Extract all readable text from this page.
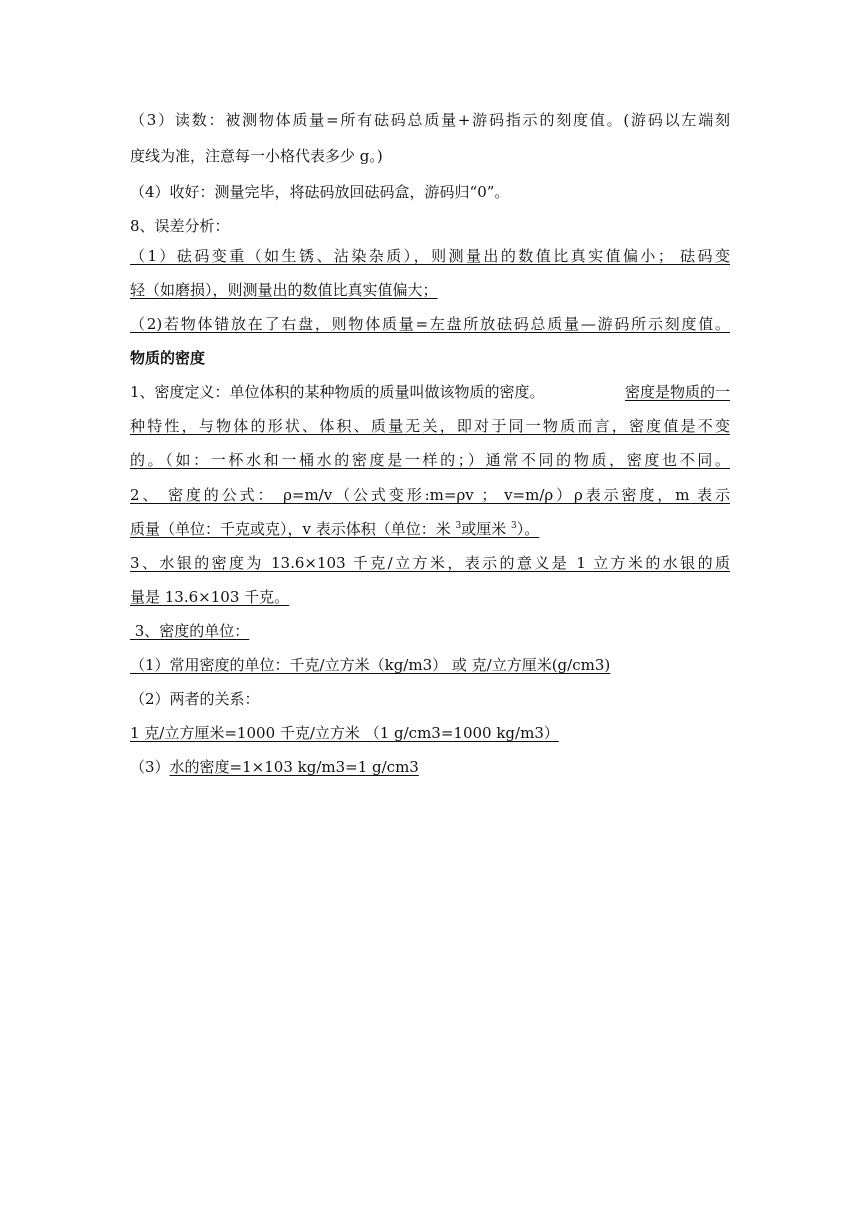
（3）读数：被测物体质量=所有砝码总质量+游码指示的刻度值。(游码以左端刻
度线为准，注意每一小格代表多少 g。)
（4）收好：测量完毕，将砝码放回砝码盒，游码归“0”。
8、误差分析：
（1）砝码变重（如生锈、沾染杂质），则测量出的数值比真实值偏小； 砝码变
轻（如磨损），则测量出的数值比真实值偏大；
（2)若物体错放在了右盘，则物体质量=左盘所放砝码总质量—游码所示刻度值。
物质的密度
1、密度定义：单位体积的某种物质的质量叫做该物质的密度。	密度是物质的一
种特性，与物体的形状、体积、质量无关，即对于同一物质而言，密度值是不变
的。（如：一杯水和一桶水的密度是一样的；）通常不同的物质，密度也不同。
2、 密度的公式： ρ=m/v（公式变形:m=ρv ； v=m/ρ）ρ表示密度，m 表示
质量（单位：千克或克），v 表示体积（单位：米 $^3$或厘米 $^3$）。
3、水银的密度为 13.6×103 千克/立方米，表示的意义是 1 立方米的水银的质
量是 13.6×103 千克。
3、密度的单位：
（1）常用密度的单位：千克/立方米（kg/m3） 或 克/立方厘米(g/cm3)
（2）两者的关系：
1 克/立方厘米=1000 千克/立方米 （1 g/cm3=1000 kg/m3）
（3）水的密度=1×103 kg/m3=1 g/cm3
